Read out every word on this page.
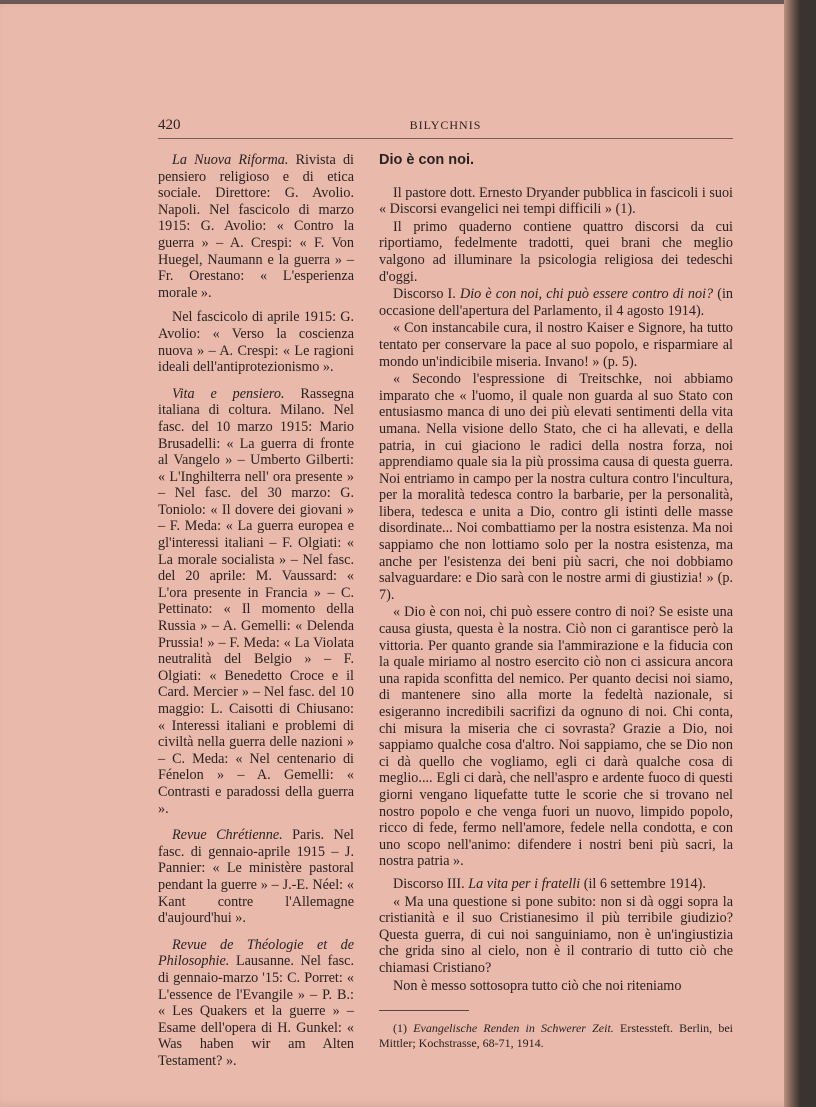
420	BILYCHNIS

La Nuova Riforma. Rivista di pensiero religioso e di etica sociale. Direttore: G. Avolio. Napoli. Nel fascicolo di marzo 1915: G. Avolio: « Contro la guerra » – A. Crespi: « F. Von Huegel, Naumann e la guerra » – Fr. Orestano: « L'esperienza morale ».

Nel fascicolo di aprile 1915: G. Avolio: « Verso la coscienza nuova » – A. Crespi: « Le ragioni ideali dell'antiprotezionismo ».

Vita e pensiero. Rassegna italiana di coltura. Milano. Nel fasc. del 10 marzo 1915: Mario Brusadelli: « La guerra di fronte al Vangelo » – Umberto Gilberti: « L'Inghilterra nell' ora presente » – Nel fasc. del 30 marzo: G. Toniolo: « Il dovere dei giovani » – F. Meda: « La guerra europea e gl'interessi italiani – F. Olgiati: « La morale socialista » – Nel fasc. del 20 aprile: M. Vaussard: « L'ora presente in Francia » – C. Pettinato: « Il momento della Russia » – A. Gemelli: « Delenda Prussia! » – F. Meda: « La Violata neutralità del Belgio » – F. Olgiati: « Benedetto Croce e il Card. Mercier » – Nel fasc. del 10 maggio: L. Caisotti di Chiusano: « Interessi italiani e problemi di civiltà nella guerra delle nazioni » – C. Meda: « Nel centenario di Fénelon » – A. Gemelli: « Contrasti e paradossi della guerra ».

Revue Chrétienne. Paris. Nel fasc. di gennaio-aprile 1915 – J. Pannier: « Le ministère pastoral pendant la guerre » – J.-E. Néel: « Kant contre l'Allemagne d'aujourd'hui ».

Revue de Théologie et de Philosophie. Lausanne. Nel fasc. di gennaio-marzo '15: C. Porret: « L'essence de l'Evangile » – P. B.: « Les Quakers et la guerre » – Esame dell'opera di H. Gunkel: « Was haben wir am Alten Testament? ».

Dio è con noi.

Il pastore dott. Ernesto Dryander pubblica in fascicoli i suoi « Discorsi evangelici nei tempi difficili » (1).

Il primo quaderno contiene quattro discorsi da cui riportiamo, fedelmente tradotti, quei brani che meglio valgono ad illuminare la psicologia religiosa dei tedeschi d'oggi.

Discorso I. Dio è con noi, chi può essere contro di noi? (in occasione dell'apertura del Parlamento, il 4 agosto 1914).

« Con instancabile cura, il nostro Kaiser e Signore, ha tutto tentato per conservare la pace al suo popolo, e risparmiare al mondo un'indicibile miseria. Invano! » (p. 5).

« Secondo l'espressione di Treitschke, noi abbiamo imparato che « l'uomo, il quale non guarda al suo Stato con entusiasmo manca di uno dei più elevati sentimenti della vita umana. Nella visione dello Stato, che ci ha allevati, e della patria, in cui giaciono le radici della nostra forza, noi apprendiamo quale sia la più prossima causa di questa guerra. Noi entriamo in campo per la nostra cultura contro l'incultura, per la moralità tedesca contro la barbarie, per la personalità, libera, tedesca e unita a Dio, contro gli istinti delle masse disordinate... Noi combattiamo per la nostra esistenza. Ma noi sappiamo che non lottiamo solo per la nostra esistenza, ma anche per l'esistenza dei beni più sacri, che noi dobbiamo salvaguardare: e Dio sarà con le nostre armi di giustizia! » (p. 7).

« Dio è con noi, chi può essere contro di noi? Se esiste una causa giusta, questa è la nostra. Ciò non ci garantisce però la vittoria. Per quanto grande sia l'ammirazione e la fiducia con la quale miriamo al nostro esercito ciò non ci assicura ancora una rapida sconfitta del nemico. Per quanto decisi noi siamo, di mantenere sino alla morte la fedeltà nazionale, si esigeranno incredibili sacrifizi da ognuno di noi. Chi conta, chi misura la miseria che ci sovrasta? Grazie a Dio, noi sappiamo qualche cosa d'altro. Noi sappiamo, che se Dio non ci dà quello che vogliamo, egli ci darà qualche cosa di meglio.... Egli ci darà, che nell'aspro e ardente fuoco di questi giorni vengano liquefatte tutte le scorie che si trovano nel nostro popolo e che venga fuori un nuovo, limpido popolo, ricco di fede, fermo nell'amore, fedele nella condotta, e con uno scopo nell'animo: difendere i nostri beni più sacri, la nostra patria ».

Discorso III. La vita per i fratelli (il 6 settembre 1914).

« Ma una questione si pone subito: non si dà oggi sopra la cristianità e il suo Cristianesimo il più terribile giudizio? Questa guerra, di cui noi sanguiniamo, non è un'ingiustizia che grida sino al cielo, non è il contrario di tutto ciò che chiamasi Cristiano?

Non è messo sottosopra tutto ciò che noi riteniamo

(1) Evangelische Renden in Schwerer Zeit. Erstessteft. Berlin, bei Mittler; Kochstrasse, 68-71, 1914.
